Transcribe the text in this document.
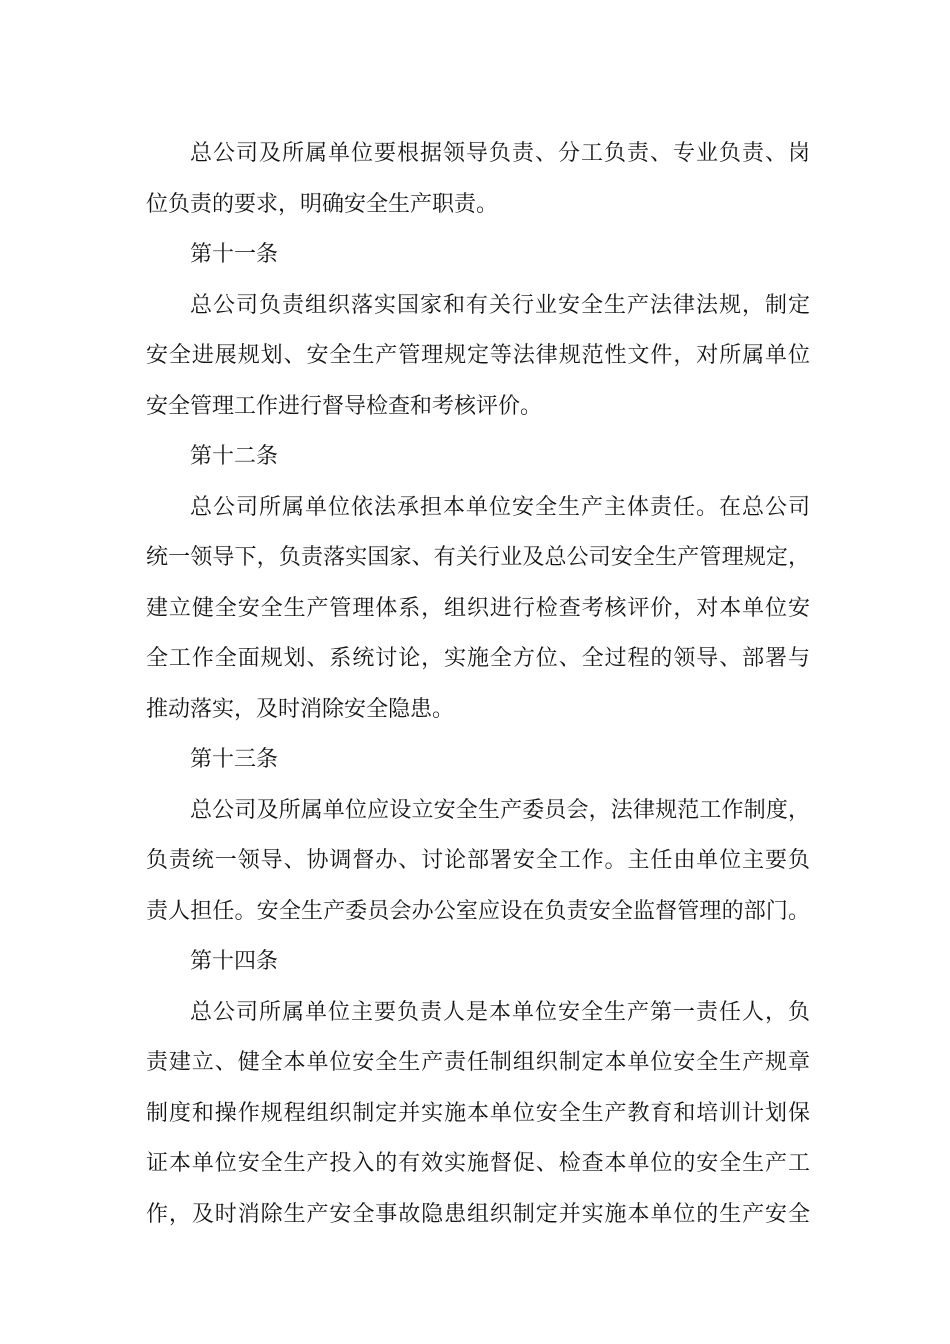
总公司及所属单位要根据领导负责、分工负责、专业负责、岗
位负责的要求，明确安全生产职责。
第十一条
总公司负责组织落实国家和有关行业安全生产法律法规，制定
安全进展规划、安全生产管理规定等法律规范性文件，对所属单位
安全管理工作进行督导检查和考核评价。
第十二条
总公司所属单位依法承担本单位安全生产主体责任。在总公司
统一领导下，负责落实国家、有关行业及总公司安全生产管理规定，
建立健全安全生产管理体系，组织进行检查考核评价，对本单位安
全工作全面规划、系统讨论，实施全方位、全过程的领导、部署与
推动落实，及时消除安全隐患。
第十三条
总公司及所属单位应设立安全生产委员会，法律规范工作制度，
负责统一领导、协调督办、讨论部署安全工作。主任由单位主要负
责人担任。安全生产委员会办公室应设在负责安全监督管理的部门。
第十四条
总公司所属单位主要负责人是本单位安全生产第一责任人，负
责建立、健全本单位安全生产责任制组织制定本单位安全生产规章
制度和操作规程组织制定并实施本单位安全生产教育和培训计划保
证本单位安全生产投入的有效实施督促、检查本单位的安全生产工
作，及时消除生产安全事故隐患组织制定并实施本单位的生产安全
